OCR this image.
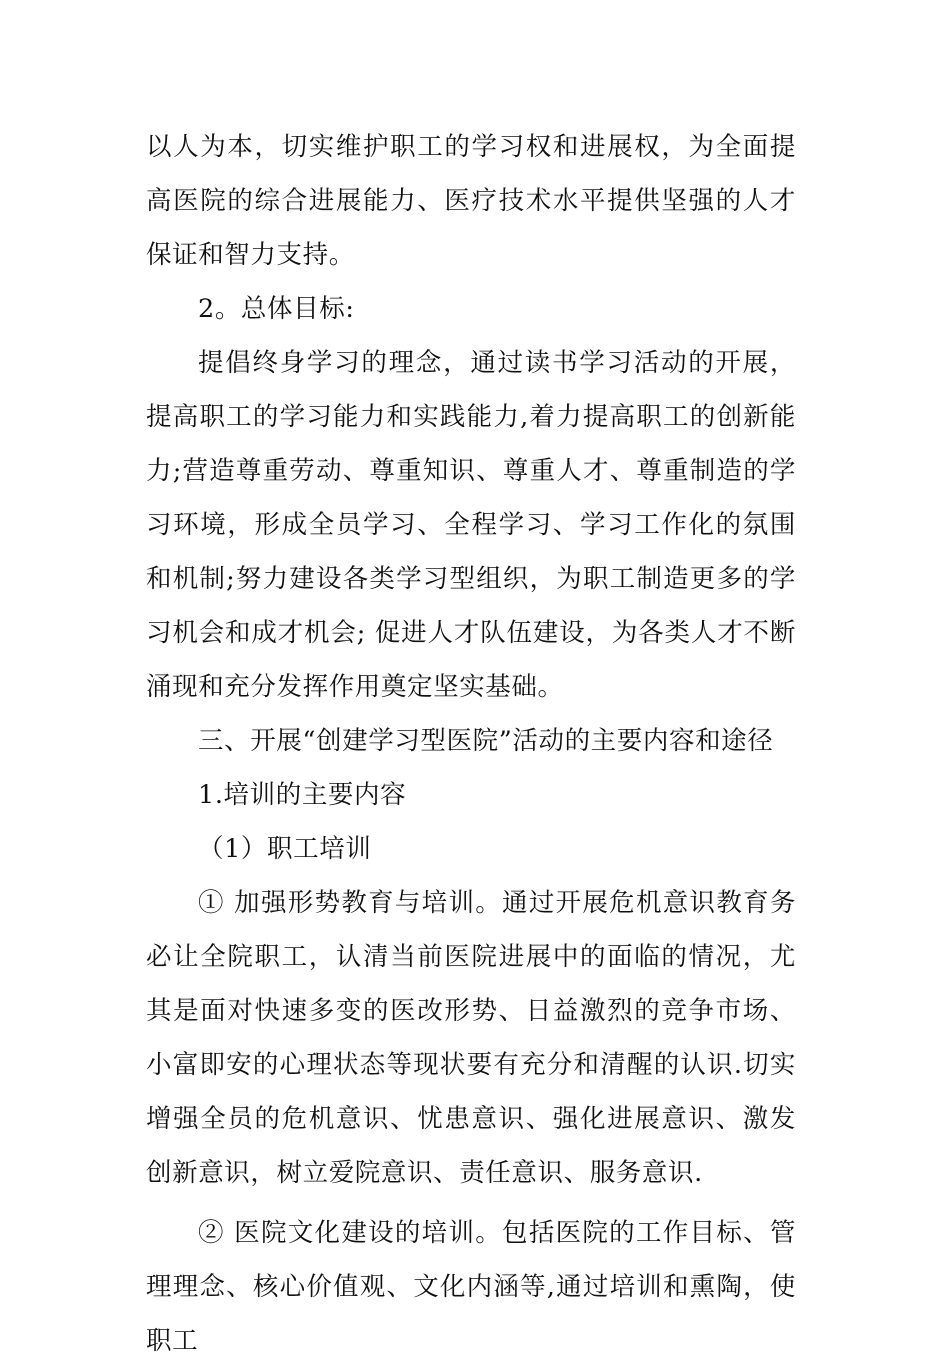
以人为本，切实维护职工的学习权和进展权，为全面提高医院的综合进展能力、医疗技术水平提供坚强的人才保证和智力支持。

2。总体目标:

提倡终身学习的理念，通过读书学习活动的开展，提高职工的学习能力和实践能力,着力提高职工的创新能力;营造尊重劳动、尊重知识、尊重人才、尊重制造的学习环境，形成全员学习、全程学习、学习工作化的氛围和机制;努力建设各类学习型组织，为职工制造更多的学习机会和成才机会; 促进人才队伍建设，为各类人才不断涌现和充分发挥作用奠定坚实基础。

三、开展“创建学习型医院”活动的主要内容和途径

1.培训的主要内容

（1）职工培训

① 加强形势教育与培训。通过开展危机意识教育务必让全院职工，认清当前医院进展中的面临的情况，尤其是面对快速多变的医改形势、日益激烈的竞争市场、小富即安的心理状态等现状要有充分和清醒的认识.切实增强全员的危机意识、忧患意识、强化进展意识、激发创新意识，树立爱院意识、责任意识、服务意识.

② 医院文化建设的培训。包括医院的工作目标、管理理念、核心价值观、文化内涵等,通过培训和熏陶，使职工
